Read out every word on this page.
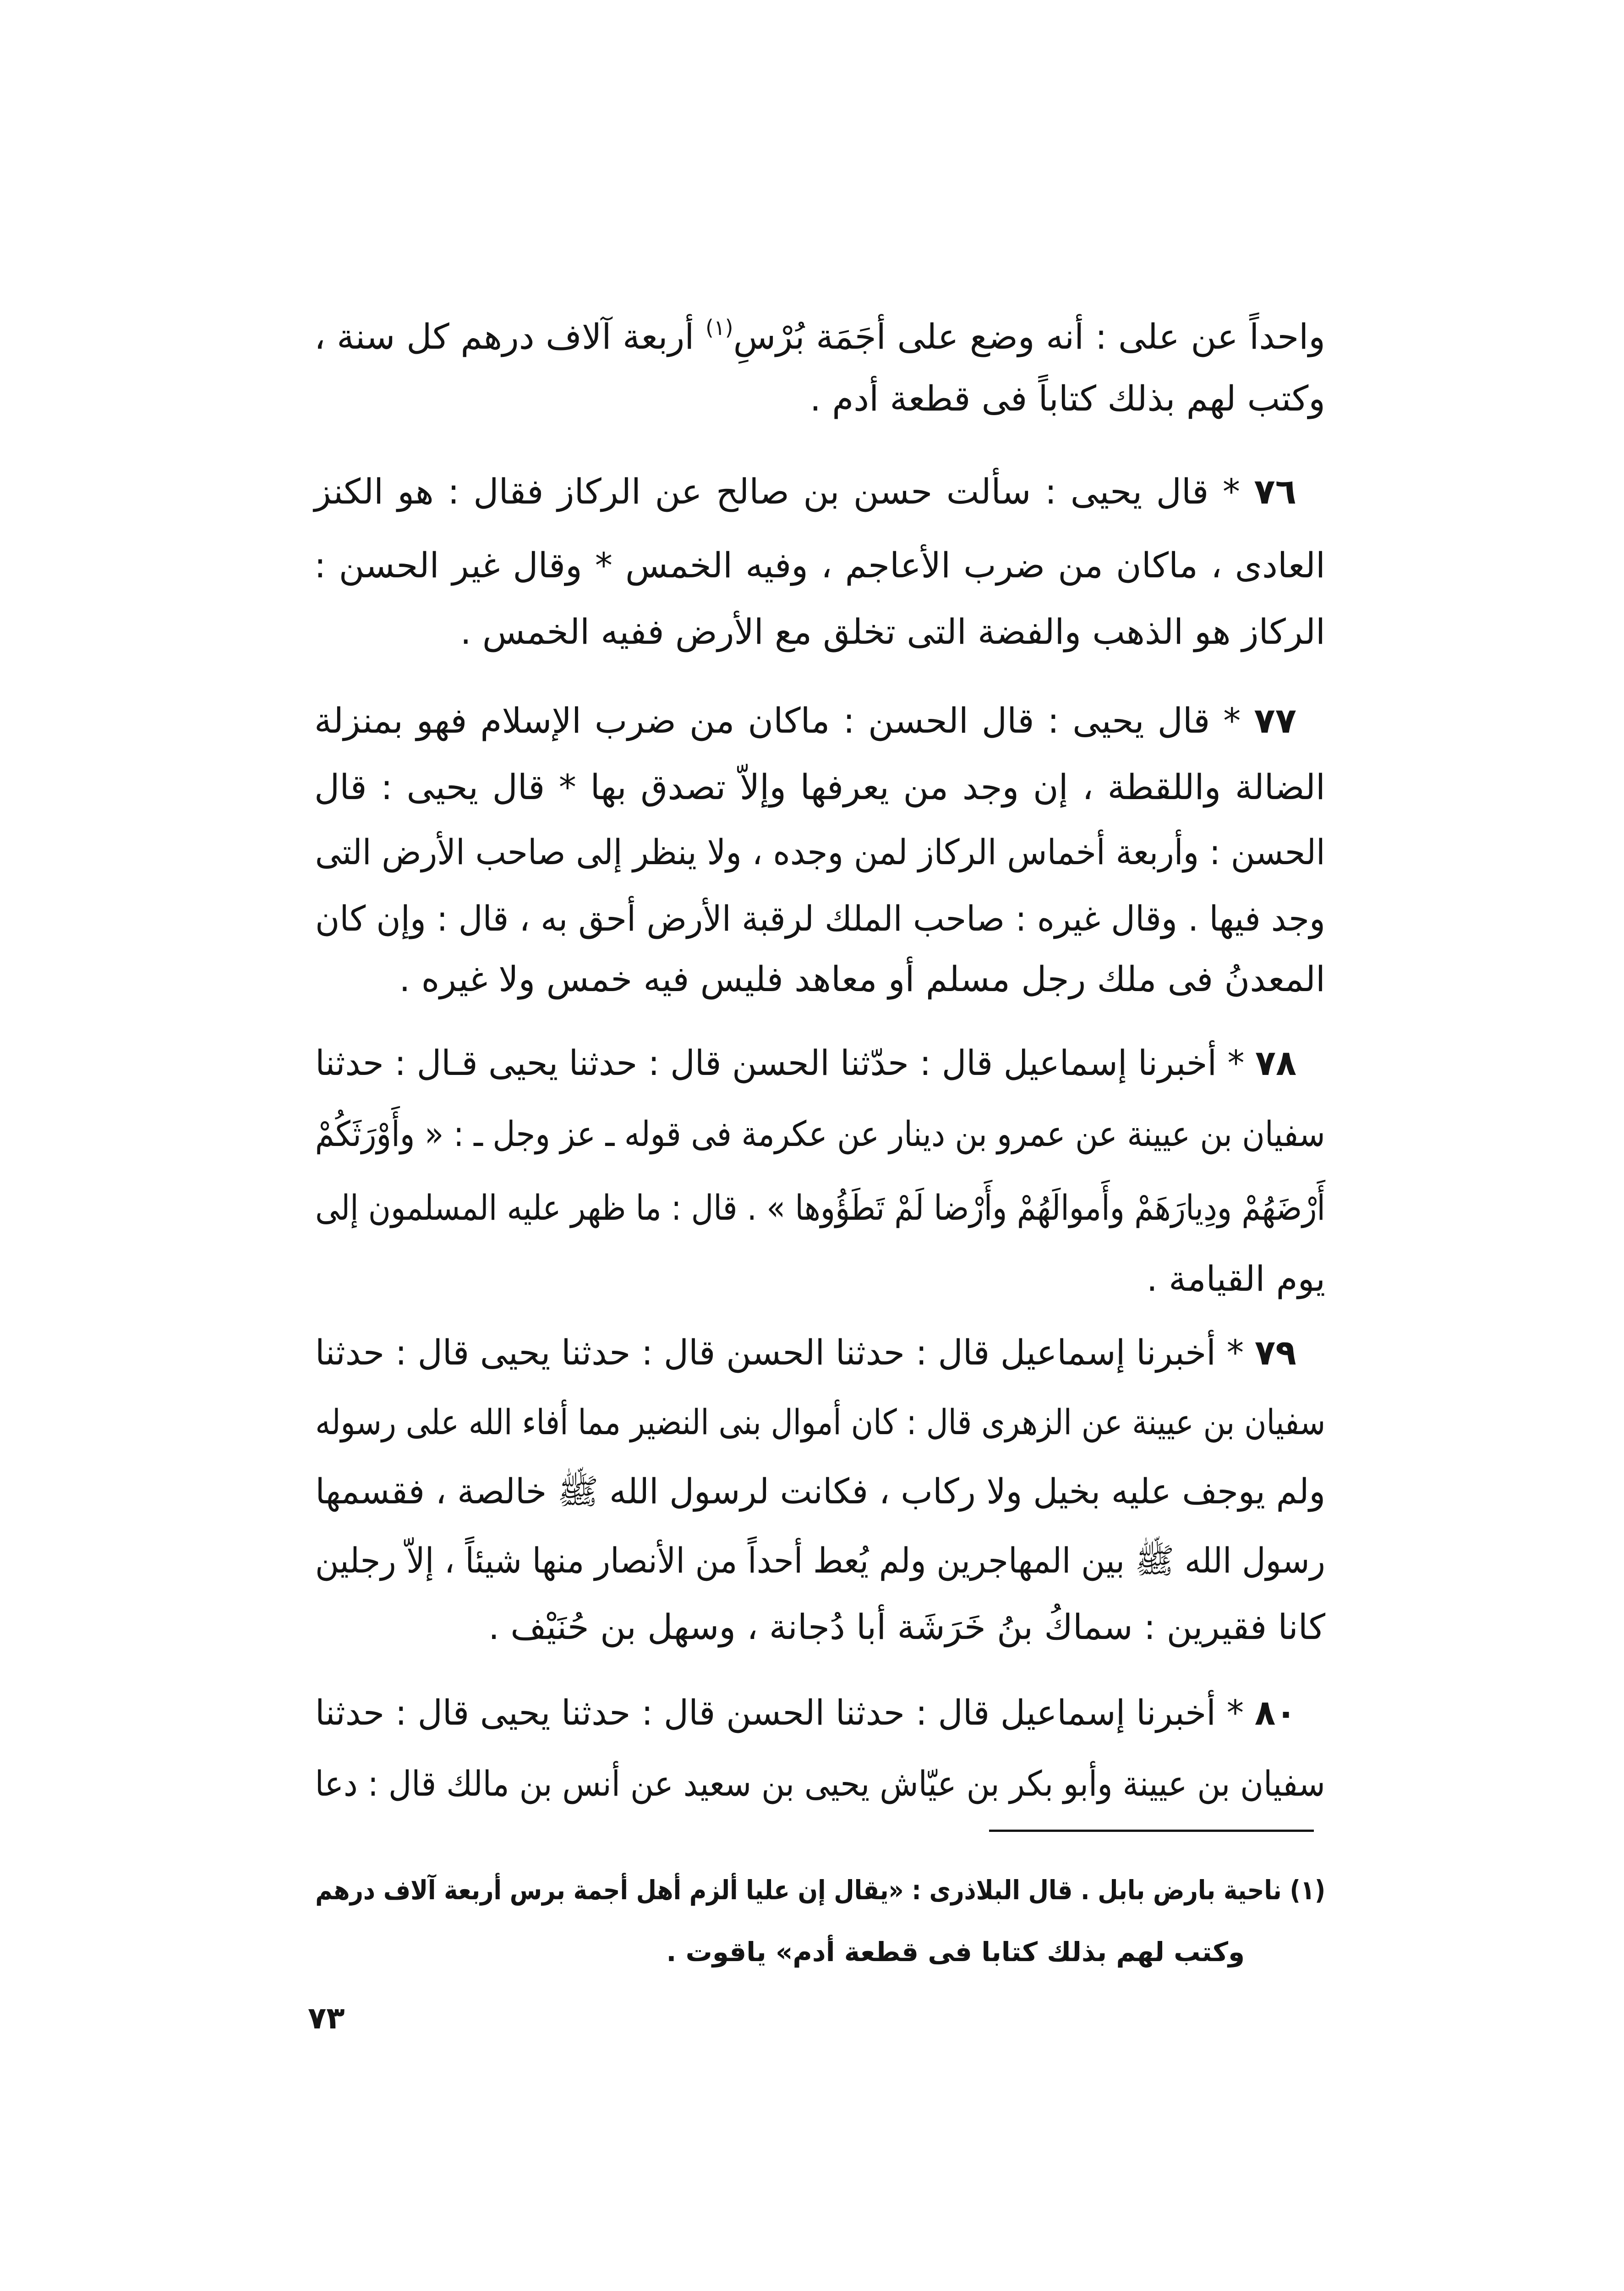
واحداً عن على : أنه وضع على أجَمَة بُرْسِ$^{(١)}$ أربعة آلاف درهم كل سنة ،
وكتب لهم بذلك كتاباً فى قطعة أدم .
٧٦ * قال يحيى : سألت حسن بن صالح عن الركاز فقال : هو الكنز
العادى ، ماكان من ضرب الأعاجم ، وفيه الخمس * وقال غير الحسن :
الركاز هو الذهب والفضة التى تخلق مع الأرض ففيه الخمس .
٧٧ * قال يحيى : قال الحسن : ماكان من ضرب الإسلام فهو بمنزلة
الضالة واللقطة ، إن وجد من يعرفها وإلاّ تصدق بها * قال يحيى : قال
الحسن : وأربعة أخماس الركاز لمن وجده ، ولا ينظر إلى صاحب الأرض التى
وجد فيها . وقال غيره : صاحب الملك لرقبة الأرض أحق به ، قال : وإن كان
المعدنُ فى ملك رجل مسلم أو معاهد فليس فيه خمس ولا غيره .
٧٨ * أخبرنا إسماعيل قال : حدّثنا الحسن قال : حدثنا يحيى قـال : حدثنا
سفيان بن عيينة عن عمرو بن دينار عن عكرمة فى قوله ـ عز وجل ـ : « وأَوْرَثَكُمْ
أَرْضَهُمْ ودِيارَهَمْ وأَموالَهُمْ وأَرْضا لَمْ تَطَؤُوها » . قال : ما ظهر عليه المسلمون إلى
يوم القيامة .
٧٩ * أخبرنا إسماعيل قال : حدثنا الحسن قال : حدثنا يحيى قال : حدثنا
سفيان بن عيينة عن الزهرى قال : كان أموال بنى النضير مما أفاء الله على رسوله
ولم يوجف عليه بخيل ولا ركاب ، فكانت لرسول الله ﷺ خالصة ، فقسمها
رسول الله ﷺ بين المهاجرين ولم يُعط أحداً من الأنصار منها شيئاً ، إلاّ رجلين
كانا فقيرين : سماكُ بنُ خَرَشَة أبا دُجانة ، وسهل بن حُنَيْف .
٨٠ * أخبرنا إسماعيل قال : حدثنا الحسن قال : حدثنا يحيى قال : حدثنا
سفيان بن عيينة وأبو بكر بن عيّاش يحيى بن سعيد عن أنس بن مالك قال : دعا
(١) ناحية بارض بابل . قال البلاذرى : «يقال إن عليا ألزم أهل أجمة برس أربعة آلاف درهم
وكتب لهم بذلك كتابا فى قطعة أدم» ياقوت .
٧٣
